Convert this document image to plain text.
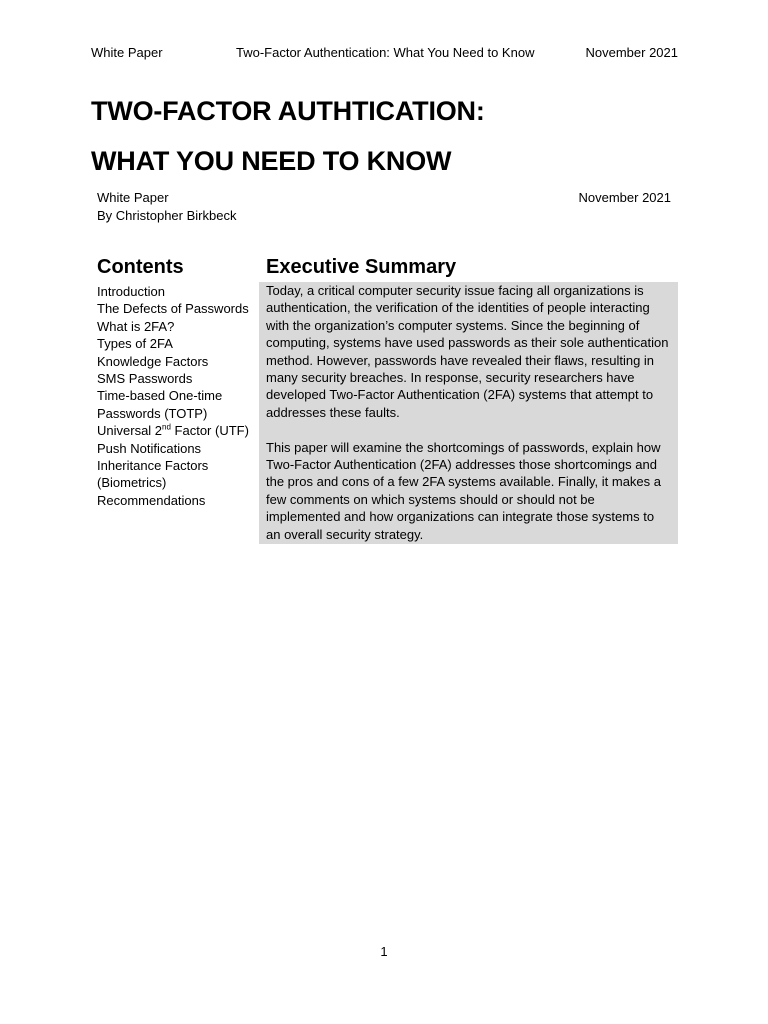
White Paper	Two-Factor Authentication: What You Need to Know	November 2021
TWO-FACTOR AUTHTICATION:
WHAT YOU NEED TO KNOW
White Paper
By Christopher Birkbeck
November 2021
Contents
Introduction
The Defects of Passwords
What is 2FA?
Types of 2FA
Knowledge Factors
SMS Passwords
Time-based One-time
Passwords (TOTP)
Universal 2nd Factor (UTF)
Push Notifications
Inheritance Factors
(Biometrics)
Recommendations
Executive Summary

Today, a critical computer security issue facing all organizations is authentication, the verification of the identities of people interacting with the organization’s computer systems. Since the beginning of computing, systems have used passwords as their sole authentication method. However, passwords have revealed their flaws, resulting in many security breaches. In response, security researchers have developed Two-Factor Authentication (2FA) systems that attempt to addresses these faults.

This paper will examine the shortcomings of passwords, explain how Two-Factor Authentication (2FA) addresses those shortcomings and the pros and cons of a few 2FA systems available. Finally, it makes a few comments on which systems should or should not be implemented and how organizations can integrate those systems to an overall security strategy.

1
